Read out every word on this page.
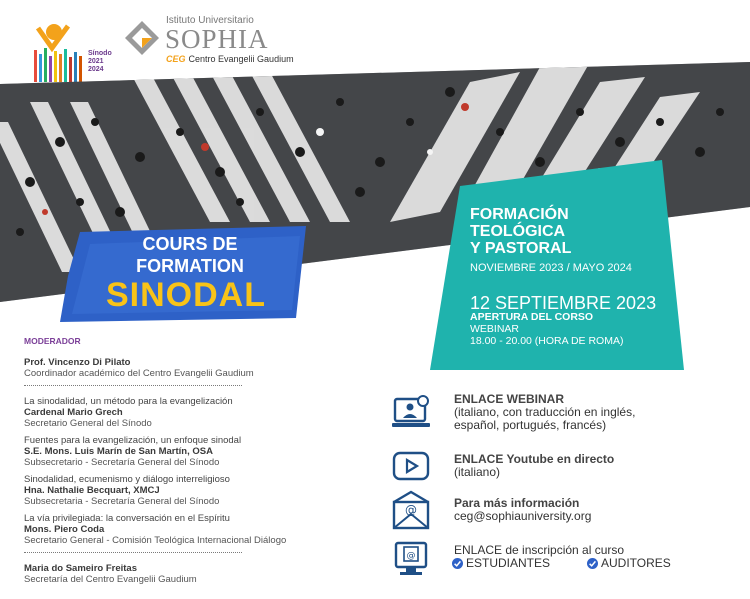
Sínodo
2021
2024
Istituto Universitario
SOPHIA
CEG Centro Evangelii Gaudium
COURS DE
FORMATION
SINODAL
FORMACIÓN
TEOLÓGICA
Y PASTORAL
NOVIEMBRE 2023 / MAYO 2024
12 SEPTIEMBRE 2023
APERTURA DEL CORSO
WEBINAR
18.00 - 20.00 (HORA DE ROMA)
MODERADOR
Prof. Vincenzo Di Pilato
Coordinador académico del Centro Evangelii Gaudium
La sinodalidad, un método para la evangelización
Cardenal Mario Grech
Secretario General del Sínodo
Fuentes para la evangelización, un enfoque sinodal
S.E. Mons. Luis Marín de San Martín, OSA
Subsecretario - Secretaría General del Sínodo
Sinodalidad, ecumenismo y diálogo interreligioso
Hna. Nathalie Becquart, XMCJ
Subsecretaria - Secretaría General del Sínodo
La vía privilegiada: la conversación en el Espíritu
Mons. Piero Coda
Secretario General - Comisión Teológica Internacional Diálogo
Maria do Sameiro Freitas
Secretaría del Centro Evangelii Gaudium
ENLACE WEBINAR
(italiano, con traducción en inglés, español, portugués, francés)
ENLACE Youtube en directo
(italiano)
@	Para más información
ceg@sophiauniversity.org
@	ENLACE de inscripción al curso
ESTUDIANTES	AUDITORES
